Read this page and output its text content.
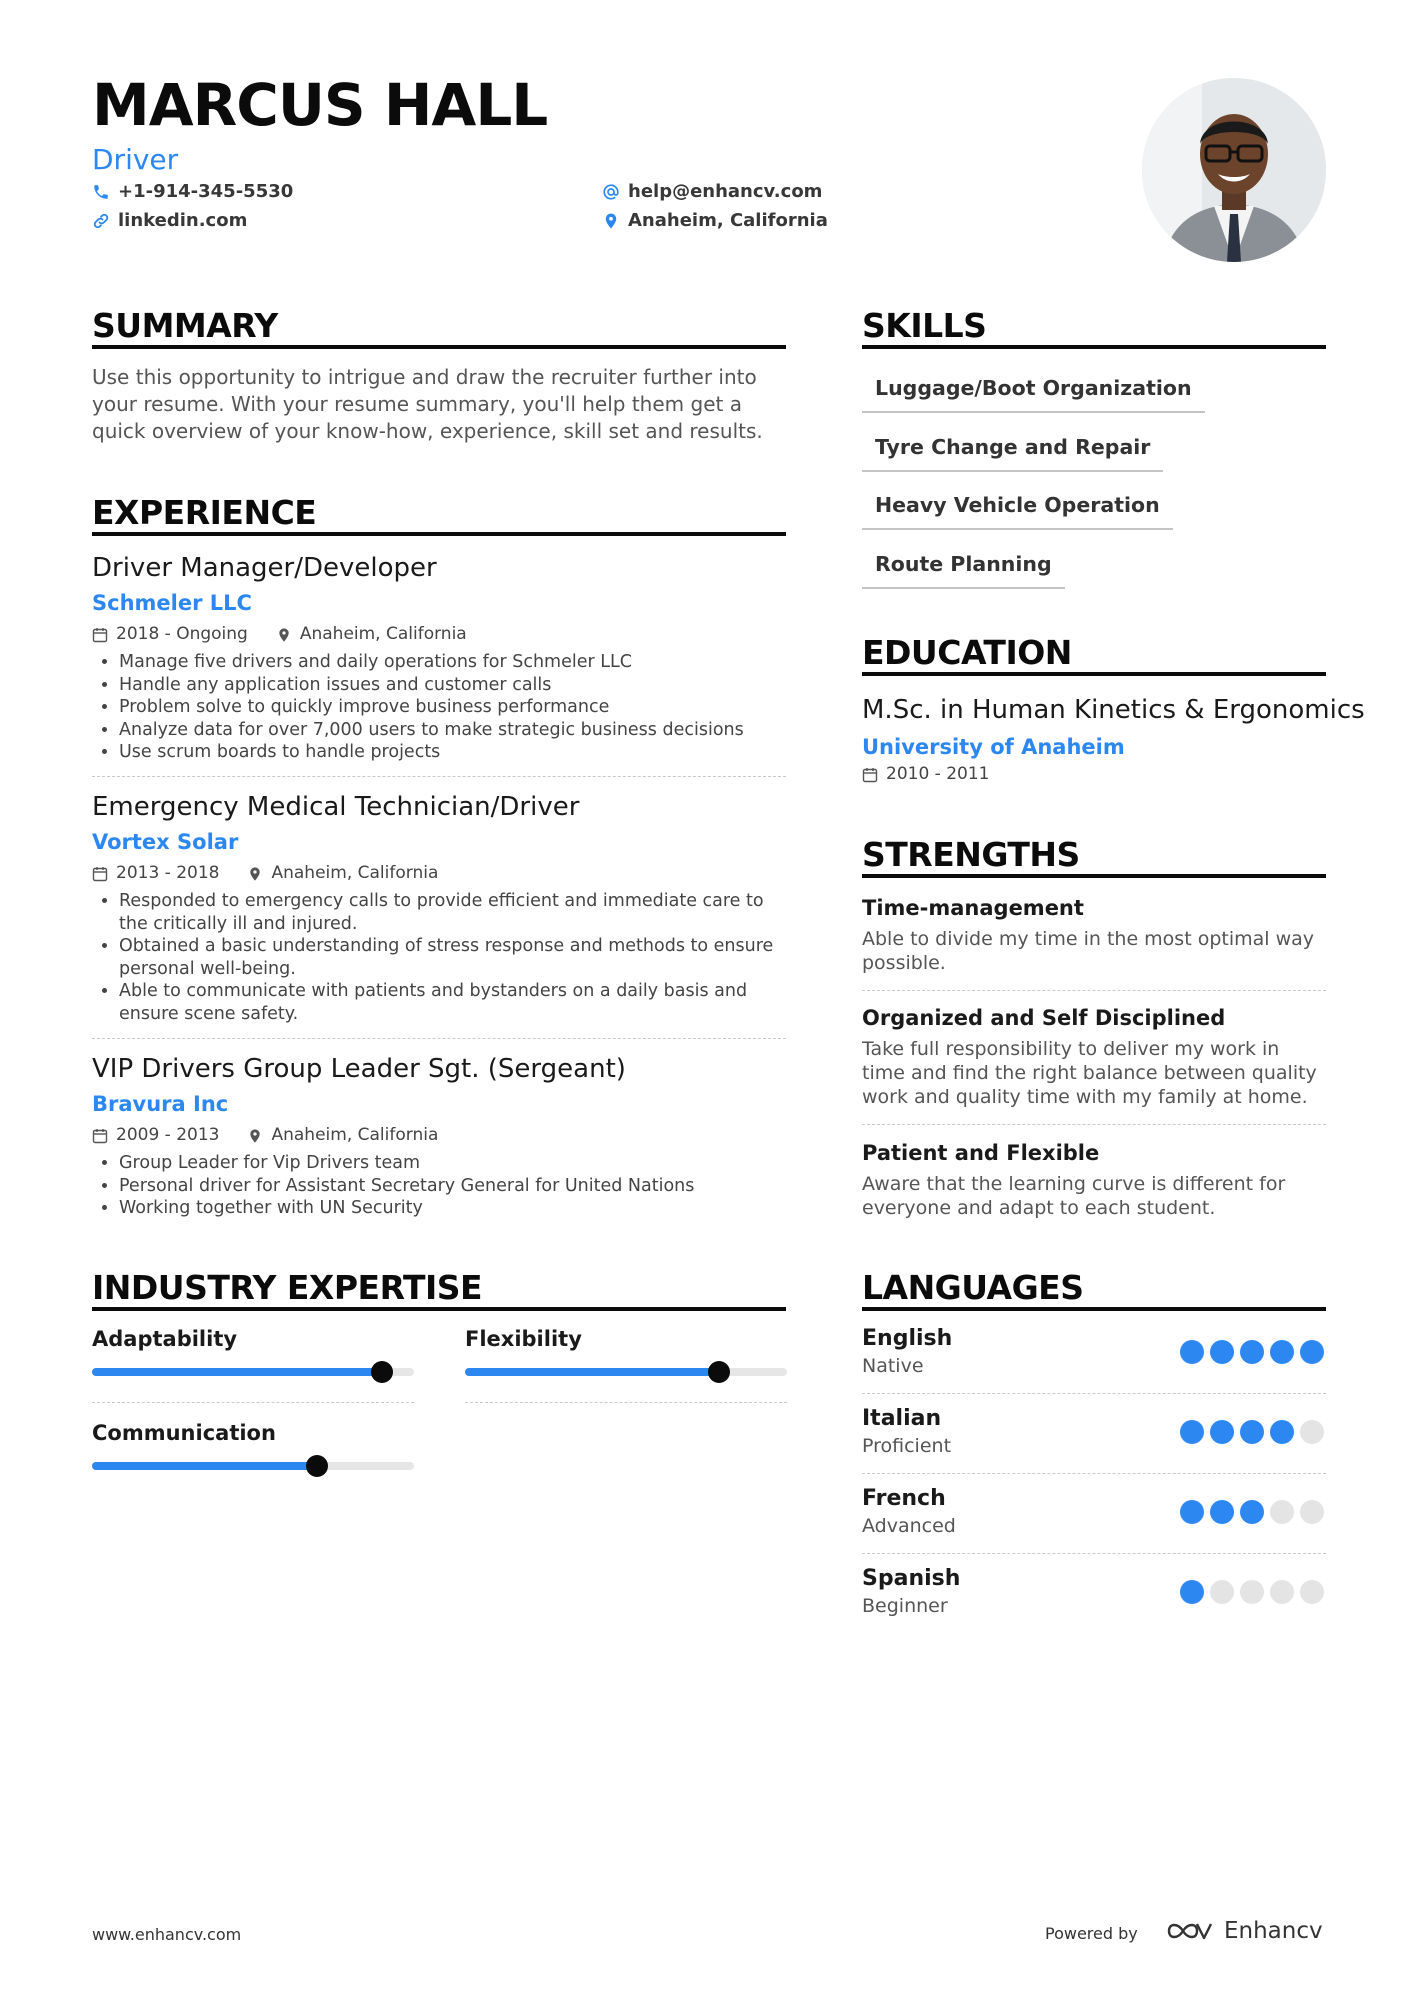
MARCUS HALL
Driver
+1-914-345-5530
linkedin.com
help@enhancv.com
Anaheim, California
SUMMARY
Use this opportunity to intrigue and draw the recruiter further into your resume. With your resume summary, you'll help them get a quick overview of your know-how, experience, skill set and results.
EXPERIENCE
Driver Manager/Developer
Schmeler LLC
2018 - Ongoing	Anaheim, California
• Manage five drivers and daily operations for Schmeler LLC
• Handle any application issues and customer calls
• Problem solve to quickly improve business performance
• Analyze data for over 7,000 users to make strategic business decisions
• Use scrum boards to handle projects
Emergency Medical Technician/Driver
Vortex Solar
2013 - 2018	Anaheim, California
• Responded to emergency calls to provide efficient and immediate care to the critically ill and injured.
• Obtained a basic understanding of stress response and methods to ensure personal well-being.
• Able to communicate with patients and bystanders on a daily basis and ensure scene safety.
VIP Drivers Group Leader Sgt. (Sergeant)
Bravura Inc
2009 - 2013	Anaheim, California
• Group Leader for Vip Drivers team
• Personal driver for Assistant Secretary General for United Nations
• Working together with UN Security
INDUSTRY EXPERTISE
Adaptability	Flexibility
Communication
SKILLS
Luggage/Boot Organization
Tyre Change and Repair
Heavy Vehicle Operation
Route Planning
EDUCATION
M.Sc. in Human Kinetics & Ergonomics
University of Anaheim
2010 - 2011
STRENGTHS
Time-management
Able to divide my time in the most optimal way possible.
Organized and Self Disciplined
Take full responsibility to deliver my work in time and find the right balance between quality work and quality time with my family at home.
Patient and Flexible
Aware that the learning curve is different for everyone and adapt to each student.
LANGUAGES
English
Native
Italian
Proficient
French
Advanced
Spanish
Beginner
www.enhancv.com	Powered by	Enhancv
